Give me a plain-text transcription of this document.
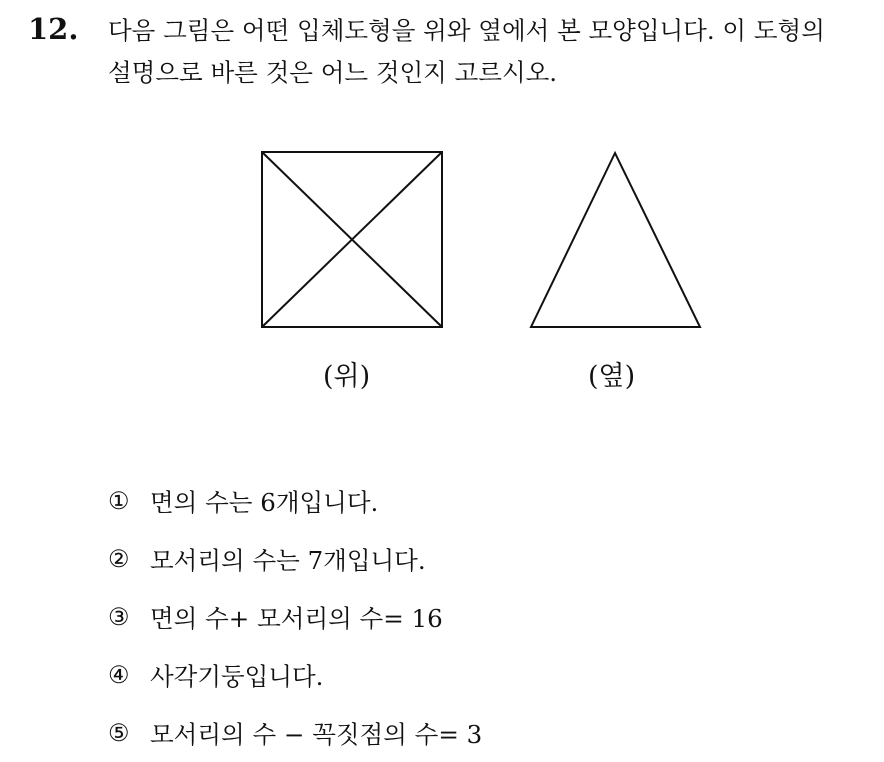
12. 다음 그림은 어떤 입체도형을 위와 옆에서 본 모양입니다. 이 도형의
설명으로 바른 것은 어느 것인지 고르시오.
(위)	(옆)
① 면의 수는 6개입니다.
② 모서리의 수는 7개입니다.
③ 면의 수+ 모서리의 수= 16
④ 사각기둥입니다.
⑤ 모서리의 수 − 꼭짓점의 수= 3
